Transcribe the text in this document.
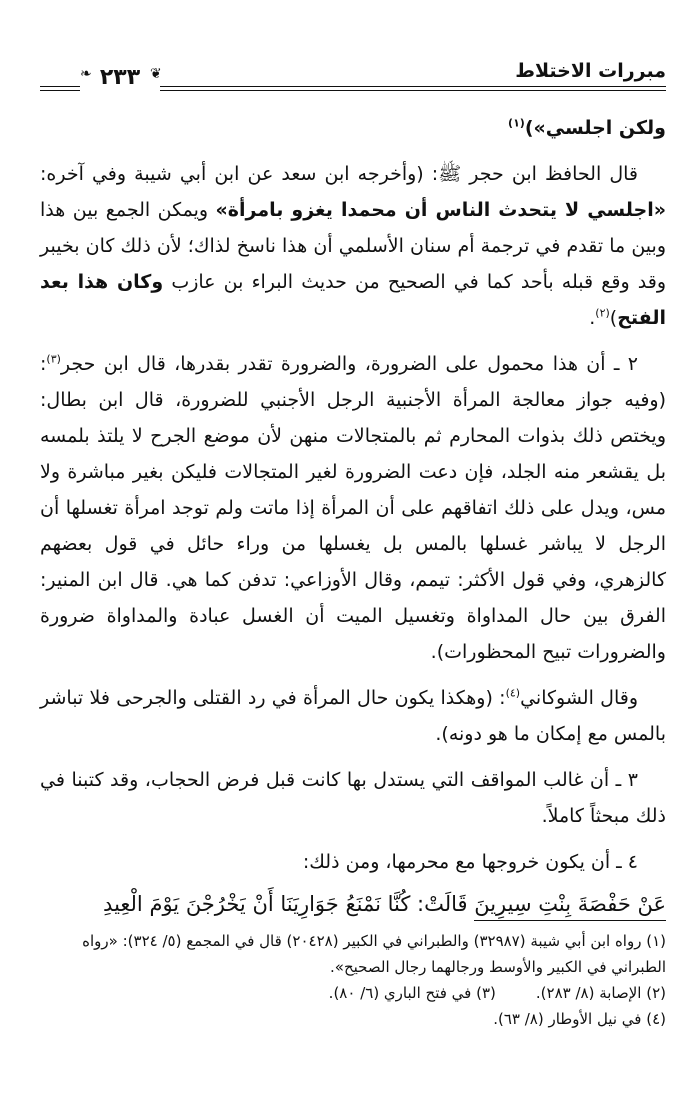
❧ ٢٣٣ ❦	مبررات الاختلاط

ولكن اجلسي»)$^{(١)}$

قال الحافظ ابن حجر ﷺ: (وأخرجه ابن سعد عن ابن أبي شيبة وفي آخره: «اجلسي لا يتحدث الناس أن محمدا يغزو بامرأة» ويمكن الجمع بين هذا وبين ما تقدم في ترجمة أم سنان الأسلمي أن هذا ناسخ لذاك؛ لأن ذلك كان بخيبر وقد وقع قبله بأحد كما في الصحيح من حديث البراء بن عازب وكان هذا بعد الفتح)$^{(٢)}$.

٢ ـ أن هذا محمول على الضرورة، والضرورة تقدر بقدرها، قال ابن حجر$^{(٣)}$: (وفيه جواز معالجة المرأة الأجنبية الرجل الأجنبي للضرورة، قال ابن بطال: ويختص ذلك بذوات المحارم ثم بالمتجالات منهن لأن موضع الجرح لا يلتذ بلمسه بل يقشعر منه الجلد، فإن دعت الضرورة لغير المتجالات فليكن بغير مباشرة ولا مس، ويدل على ذلك اتفاقهم على أن المرأة إذا ماتت ولم توجد امرأة تغسلها أن الرجل لا يباشر غسلها بالمس بل يغسلها من وراء حائل في قول بعضهم كالزهري، وفي قول الأكثر: تيمم، وقال الأوزاعي: تدفن كما هي. قال ابن المنير: الفرق بين حال المداواة وتغسيل الميت أن الغسل عبادة والمداواة ضرورة والضرورات تبيح المحظورات).

وقال الشوكاني$^{(٤)}$: (وهكذا يكون حال المرأة في رد القتلى والجرحى فلا تباشر بالمس مع إمكان ما هو دونه).

٣ ـ أن غالب المواقف التي يستدل بها كانت قبل فرض الحجاب، وقد كتبنا في ذلك مبحثاً كاملاً.

٤ ـ أن يكون خروجها مع محرمها، ومن ذلك:

عَنْ حَفْصَةَ بِنْتِ سِيرِينَ قَالَتْ: كُنَّا نَمْنَعُ جَوَارِيَنَا أَنْ يَخْرُجْنَ يَوْمَ الْعِيدِ

(١) رواه ابن أبي شيبة (٣٢٩٨٧) والطبراني في الكبير (٢٠٤٢٨) قال في المجمع (٥/ ٣٢٤): «رواه الطبراني في الكبير والأوسط ورجالهما رجال الصحيح».
(٢) الإصابة (٨/ ٢٨٣).
(٣) في فتح الباري (٦/ ٨٠).
(٤) في نيل الأوطار (٨/ ٦٣).
